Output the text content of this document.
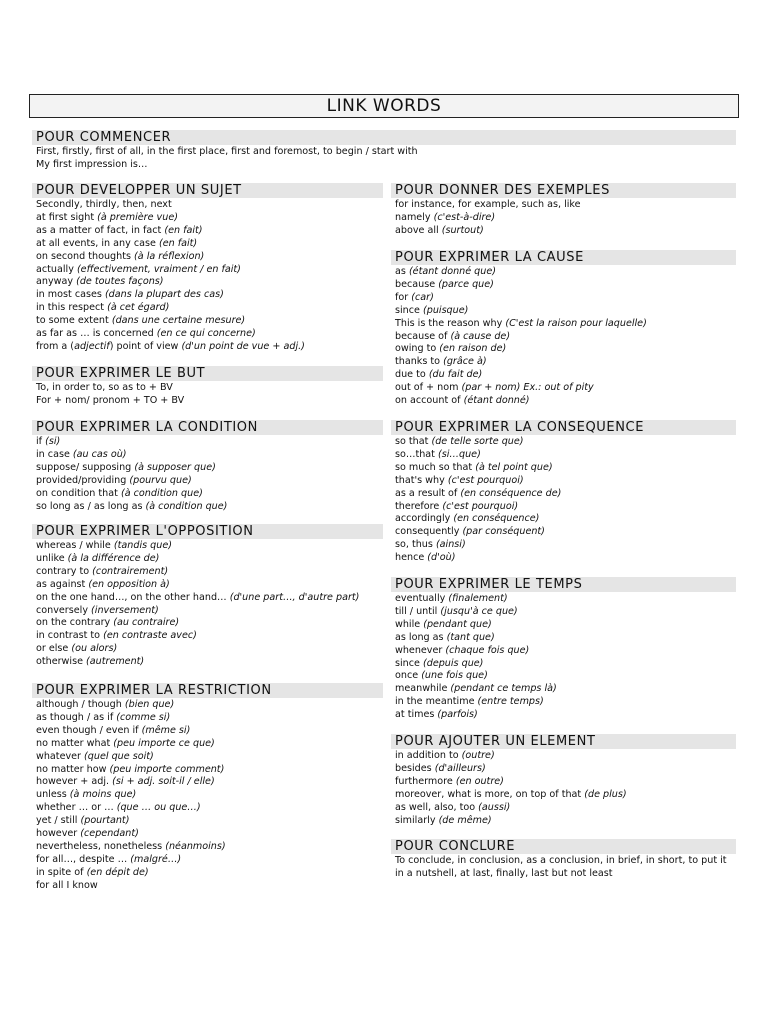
LINK WORDS
POUR COMMENCER
First, firstly, first of all, in the first place, first and foremost, to begin / start with
My first impression is…
POUR DEVELOPPER UN SUJET
Secondly, thirdly, then, next
at first sight (à première vue)
as a matter of fact, in fact (en fait)
at all events, in any case (en fait)
on second thoughts (à la réflexion)
actually (effectivement, vraiment / en fait)
anyway (de toutes façons)
in most cases (dans la plupart des cas)
in this respect (à cet égard)
to some extent (dans une certaine mesure)
as far as … is concerned (en ce qui concerne)
from a (adjectif) point of view (d'un point de vue + adj.)
POUR EXPRIMER LE BUT
To, in order to, so as to + BV
For + nom/ pronom + TO + BV
POUR EXPRIMER LA CONDITION
if (si)
in case (au cas où)
suppose/ supposing (à supposer que)
provided/providing (pourvu que)
on condition that (à condition que)
so long as / as long as (à condition que)
POUR EXPRIMER L'OPPOSITION
whereas / while (tandis que)
unlike (à la différence de)
contrary to (contrairement)
as against (en opposition à)
on the one hand…, on the other hand… (d'une part…, d'autre part)
conversely (inversement)
on the contrary (au contraire)
in contrast to (en contraste avec)
or else (ou alors)
otherwise (autrement)
POUR EXPRIMER LA RESTRICTION
although / though (bien que)
as though / as if (comme si)
even though / even if (même si)
no matter what (peu importe ce que)
whatever (quel que soit)
no matter how (peu importe comment)
however + adj. (si + adj. soit-il / elle)
unless (à moins que)
whether … or … (que … ou que…)
yet / still (pourtant)
however (cependant)
nevertheless, nonetheless (néanmoins)
for all…, despite … (malgré…)
in spite of (en dépit de)
for all I know
POUR DONNER DES EXEMPLES
for instance, for example, such as, like
namely (c'est-à-dire)
above all (surtout)
POUR EXPRIMER LA CAUSE
as (étant donné que)
because (parce que)
for (car)
since (puisque)
This is the reason why (C'est la raison pour laquelle)
because of (à cause de)
owing to (en raison de)
thanks to (grâce à)
due to (du fait de)
out of + nom (par + nom) Ex.: out of pity
on account of (étant donné)
POUR EXPRIMER LA CONSEQUENCE
so that (de telle sorte que)
so…that (si…que)
so much so that (à tel point que)
that's why (c'est pourquoi)
as a result of (en conséquence de)
therefore (c'est pourquoi)
accordingly (en conséquence)
consequently (par conséquent)
so, thus (ainsi)
hence (d'où)
POUR EXPRIMER LE TEMPS
eventually (finalement)
till / until (jusqu'à ce que)
while (pendant que)
as long as (tant que)
whenever (chaque fois que)
since (depuis que)
once (une fois que)
meanwhile (pendant ce temps là)
in the meantime (entre temps)
at times (parfois)
POUR AJOUTER UN ELEMENT
in addition to (outre)
besides (d'ailleurs)
furthermore (en outre)
moreover, what is more, on top of that (de plus)
as well, also, too (aussi)
similarly (de même)
POUR CONCLURE
To conclude, in conclusion, as a conclusion, in brief, in short, to put it in a nutshell, at last, finally, last but not least
